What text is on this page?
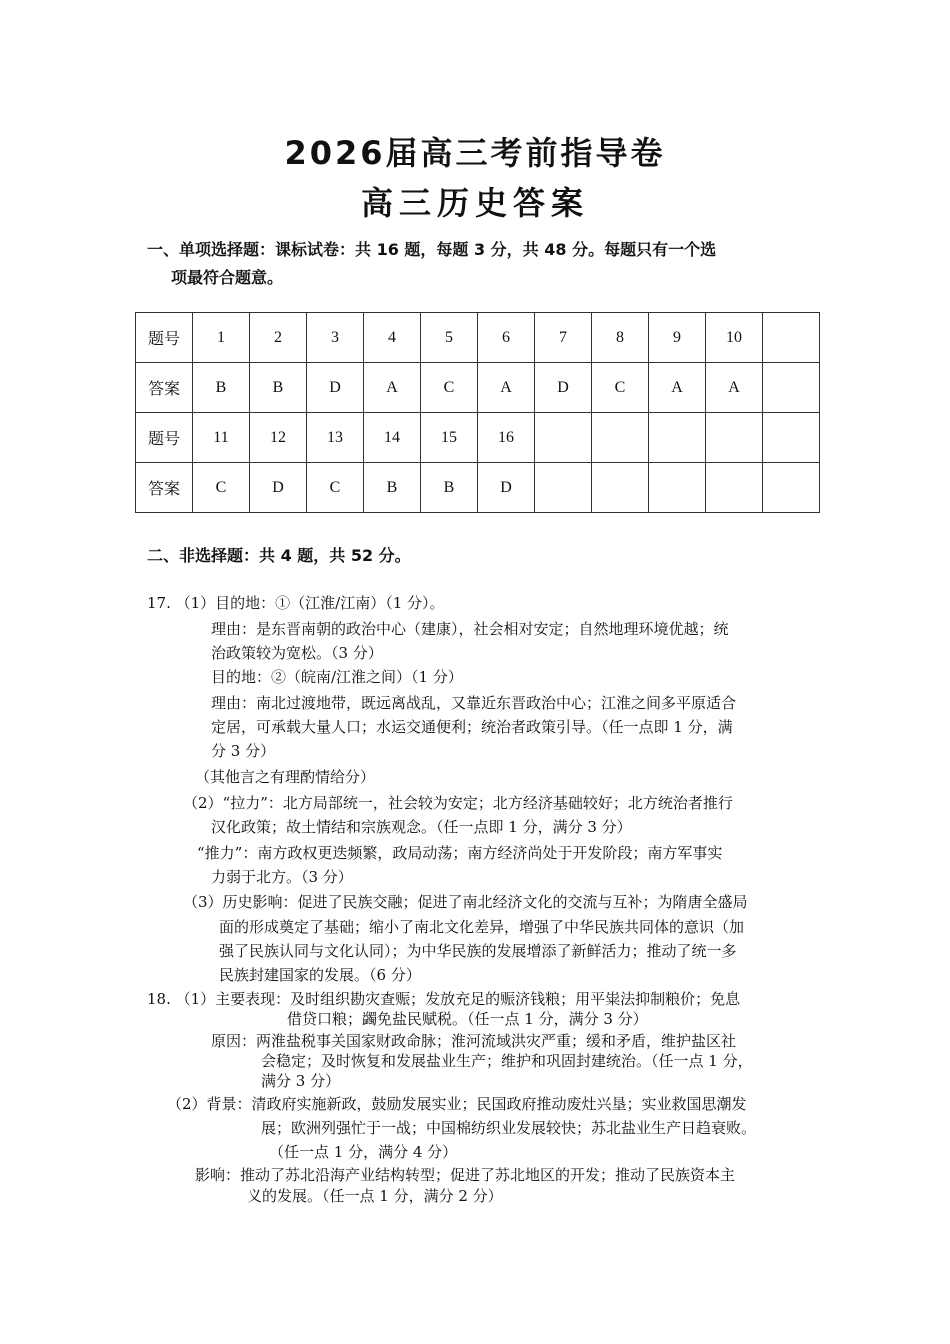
2026届高三考前指导卷
高三历史答案
一、单项选择题：课标试卷：共 16 题，每题 3 分，共 48 分。每题只有一个选
项最符合题意。
题号	1	2	3	4	5	6	7	8	9	10	
答案	B	B	D	A	C	A	D	C	A	A	
题号	11	12	13	14	15	16					
答案	C	D	C	B	B	D					
二、非选择题：共 4 题，共 52 分。
17. （1）目的地：①（江淮/江南）（1 分）。
理由：是东晋南朝的政治中心（建康），社会相对安定；自然地理环境优越；统
治政策较为宽松。（3 分）
目的地：②（皖南/江淮之间）（1 分）
理由：南北过渡地带，既远离战乱，又靠近东晋政治中心；江淮之间多平原适合
定居，可承载大量人口；水运交通便利；统治者政策引导。（任一点即 1 分，满
分 3 分）
（其他言之有理酌情给分）
（2）“拉力”：北方局部统一，社会较为安定；北方经济基础较好；北方统治者推行
汉化政策；故土情结和宗族观念。（任一点即 1 分，满分 3 分）
“推力”：南方政权更迭频繁，政局动荡；南方经济尚处于开发阶段；南方军事实
力弱于北方。（3 分）
（3）历史影响：促进了民族交融；促进了南北经济文化的交流与互补；为隋唐全盛局
面的形成奠定了基础；缩小了南北文化差异，增强了中华民族共同体的意识（加
强了民族认同与文化认同）；为中华民族的发展增添了新鲜活力；推动了统一多
民族封建国家的发展。（6 分）
18. （1）主要表现：及时组织勘灾查赈；发放充足的赈济钱粮；用平粜法抑制粮价；免息
借贷口粮；蠲免盐民赋税。（任一点 1 分，满分 3 分）
原因：两淮盐税事关国家财政命脉；淮河流域洪灾严重；缓和矛盾，维护盐区社
会稳定；及时恢复和发展盐业生产；维护和巩固封建统治。（任一点 1 分，
满分 3 分）
（2）背景：清政府实施新政，鼓励发展实业；民国政府推动废灶兴垦；实业救国思潮发
展；欧洲列强忙于一战；中国棉纺织业发展较快；苏北盐业生产日趋衰败。
（任一点 1 分，满分 4 分）
影响：推动了苏北沿海产业结构转型；促进了苏北地区的开发；推动了民族资本主
义的发展。（任一点 1 分，满分 2 分）
